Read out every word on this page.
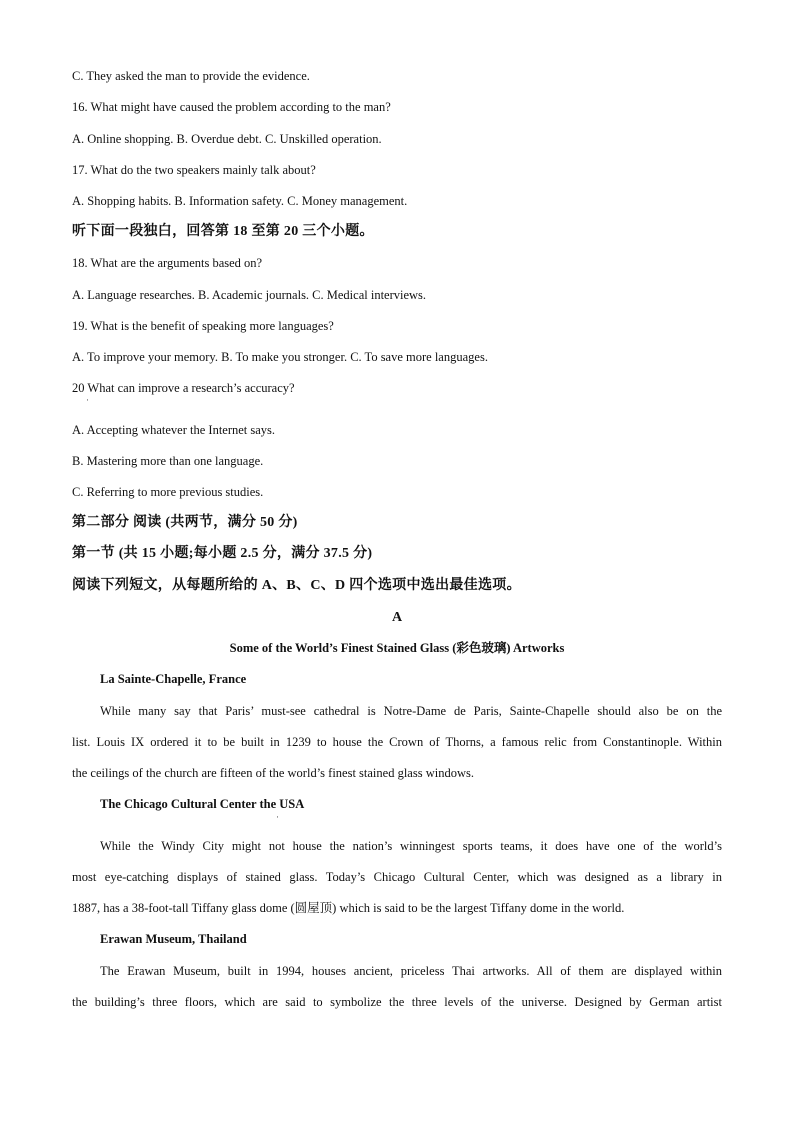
C. They asked the man to provide the evidence.
16. What might have caused the problem according to the man?
A. Online shopping. B. Overdue debt. C. Unskilled operation.
17. What do the two speakers mainly talk about?
A. Shopping habits. B. Information safety. C. Money management.
听下面一段独白，回答第 18 至第 20 三个小题。
18. What are the arguments based on?
A. Language researches. B. Academic journals. C. Medical interviews.
19. What is the benefit of speaking more languages?
A. To improve your memory. B. To make you stronger. C. To save more languages.
20 What can improve a research’s accuracy?
·
A. Accepting whatever the Internet says.
B. Mastering more than one language.
C. Referring to more previous studies.
第二部分 阅读 (共两节，满分 50 分)
第一节 (共 15 小题;每小题 2.5 分，满分 37.5 分)
阅读下列短文，从每题所给的 A、B、C、D 四个选项中选出最佳选项。
A
Some of the World’s Finest Stained Glass (彩色玻璃) Artworks
La Sainte-Chapelle, France
While many say that Paris’ must-see cathedral is Notre-Dame de Paris, Sainte-Chapelle should also be on the
list. Louis IX ordered it to be built in 1239 to house the Crown of Thorns, a famous relic from Constantinople. Within
the ceilings of the church are fifteen of the world’s finest stained glass windows.
The Chicago Cultural Center the USA
·
While the Windy City might not house the nation’s winningest sports teams, it does have one of the world’s
most eye-catching displays of stained glass. Today’s Chicago Cultural Center, which was designed as a library in
1887, has a 38-foot-tall Tiffany glass dome (圆屋顶) which is said to be the largest Tiffany dome in the world.
Erawan Museum, Thailand
The Erawan Museum, built in 1994, houses ancient, priceless Thai artworks. All of them are displayed within
the building’s three floors, which are said to symbolize the three levels of the universe. Designed by German artist
